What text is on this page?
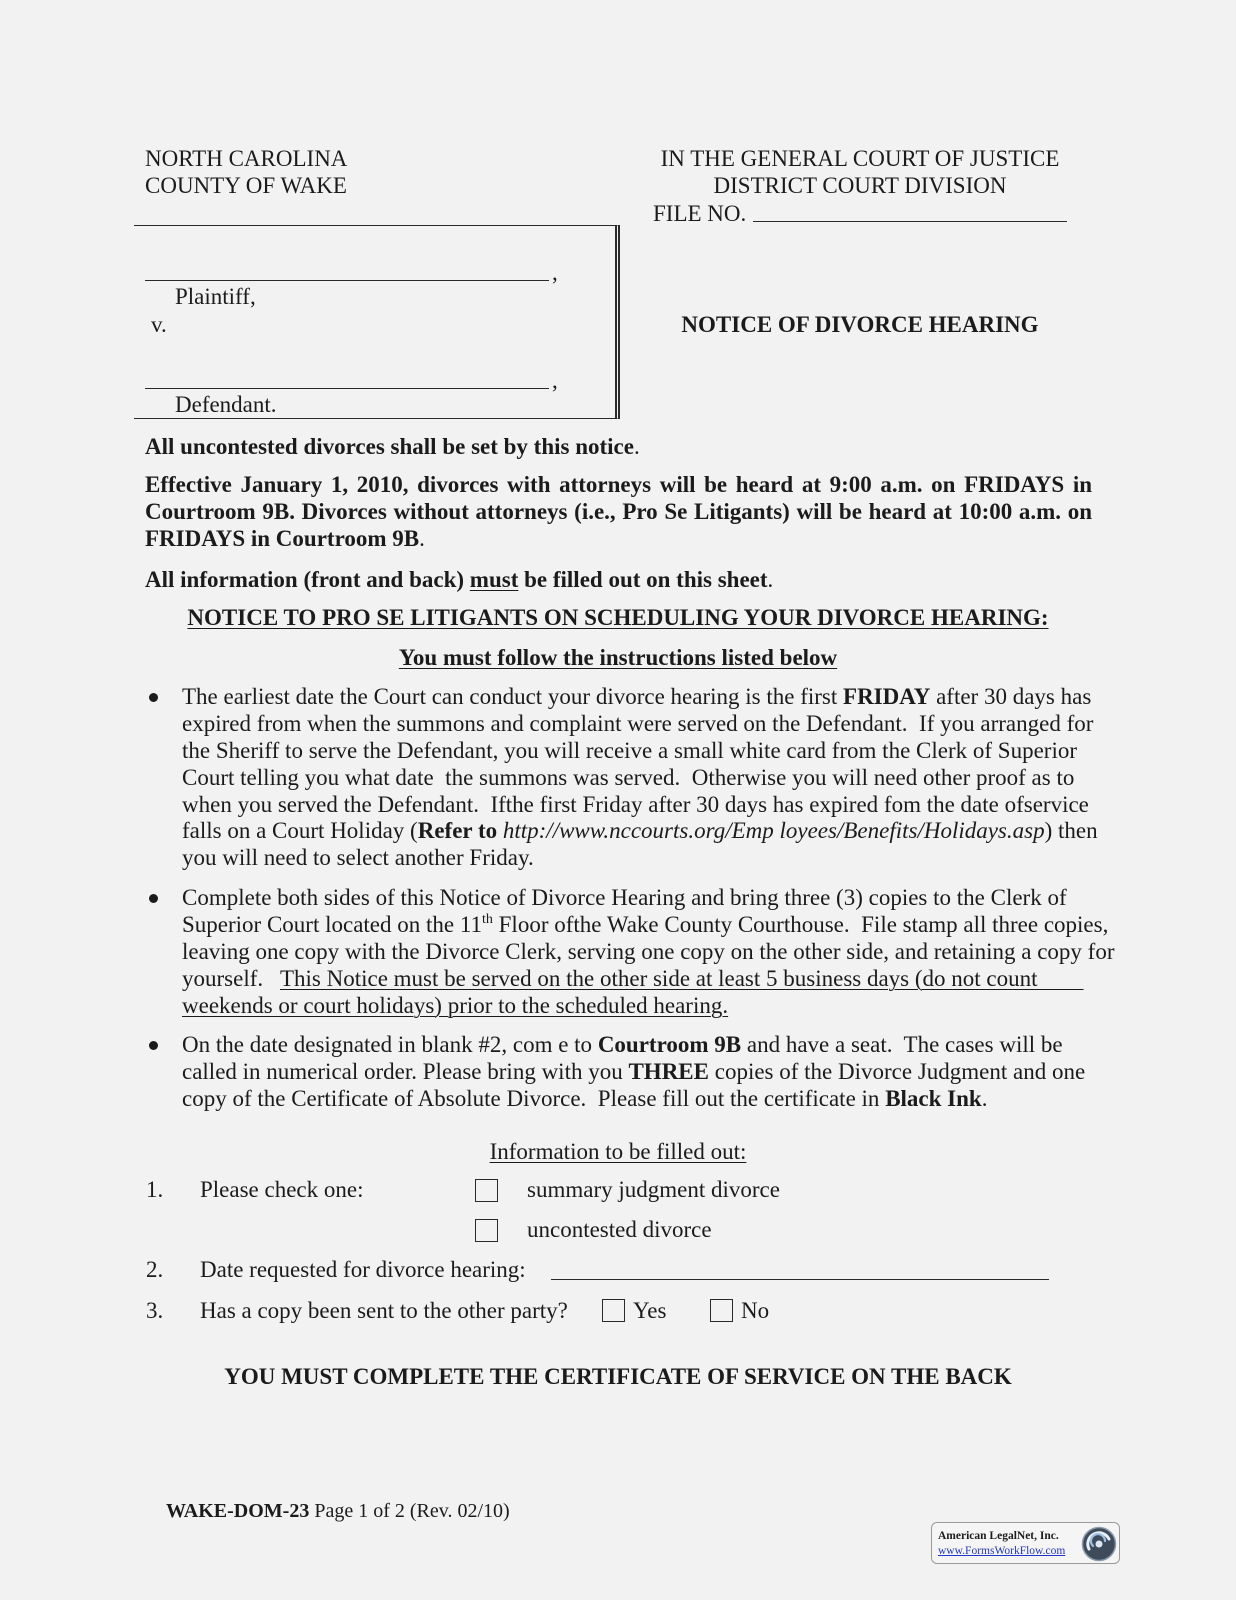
NORTH CAROLINA
COUNTY OF WAKE
IN THE GENERAL COURT OF JUSTICE
DISTRICT COURT DIVISION
FILE NO.
,
Plaintiff,
v.
,
Defendant.
NOTICE OF DIVORCE HEARING
All uncontested divorces shall be set by this notice.
Effective January 1, 2010, divorces with attorneys will be heard at 9:00 a.m. on FRIDAYS in
Courtroom 9B. Divorces without attorneys (i.e., Pro Se Litigants) will be heard at 10:00 a.m. on
FRIDAYS in Courtroom 9B.
All information (front and back) must be filled out on this sheet.
NOTICE TO PRO SE LITIGANTS ON SCHEDULING YOUR DIVORCE HEARING:
You must follow the instructions listed below
The earliest date the Court can conduct your divorce hearing is the first FRIDAY after 30 days has
expired from when the summons and complaint were served on the Defendant.  If you arranged for
the Sheriff to serve the Defendant, you will receive a small white card from the Clerk of Superior
Court telling you what date  the summons was served.  Otherwise you will need other proof as to
when you served the Defendant.  Ifthe first Friday after 30 days has expired fom the date ofservice
falls on a Court Holiday (Refer to http://www.nccourts.org/Emp loyees/Benefits/Holidays.asp) then
you will need to select another Friday.
Complete both sides of this Notice of Divorce Hearing and bring three (3) copies to the Clerk of
Superior Court located on the 11th Floor ofthe Wake County Courthouse.  File stamp all three copies,
leaving one copy with the Divorce Clerk, serving one copy on the other side, and retaining a copy for
yourself.   This Notice must be served on the other side at least 5 business days (do not count
weekends or court holidays) prior to the scheduled hearing.
On the date designated in blank #2, com e to Courtroom 9B and have a seat.  The cases will be
called in numerical order. Please bring with you THREE copies of the Divorce Judgment and one
copy of the Certificate of Absolute Divorce.  Please fill out the certificate in Black Ink.
Information to be filled out:
1. Please check one:	summary judgment divorce
uncontested divorce
2. Date requested for divorce hearing:
3. Has a copy been sent to the other party?	Yes	No
YOU MUST COMPLETE THE CERTIFICATE OF SERVICE ON THE BACK

WAKE-DOM-23 Page 1 of 2 (Rev. 02/10)

American LegalNet, Inc.
www.FormsWorkFlow.com
